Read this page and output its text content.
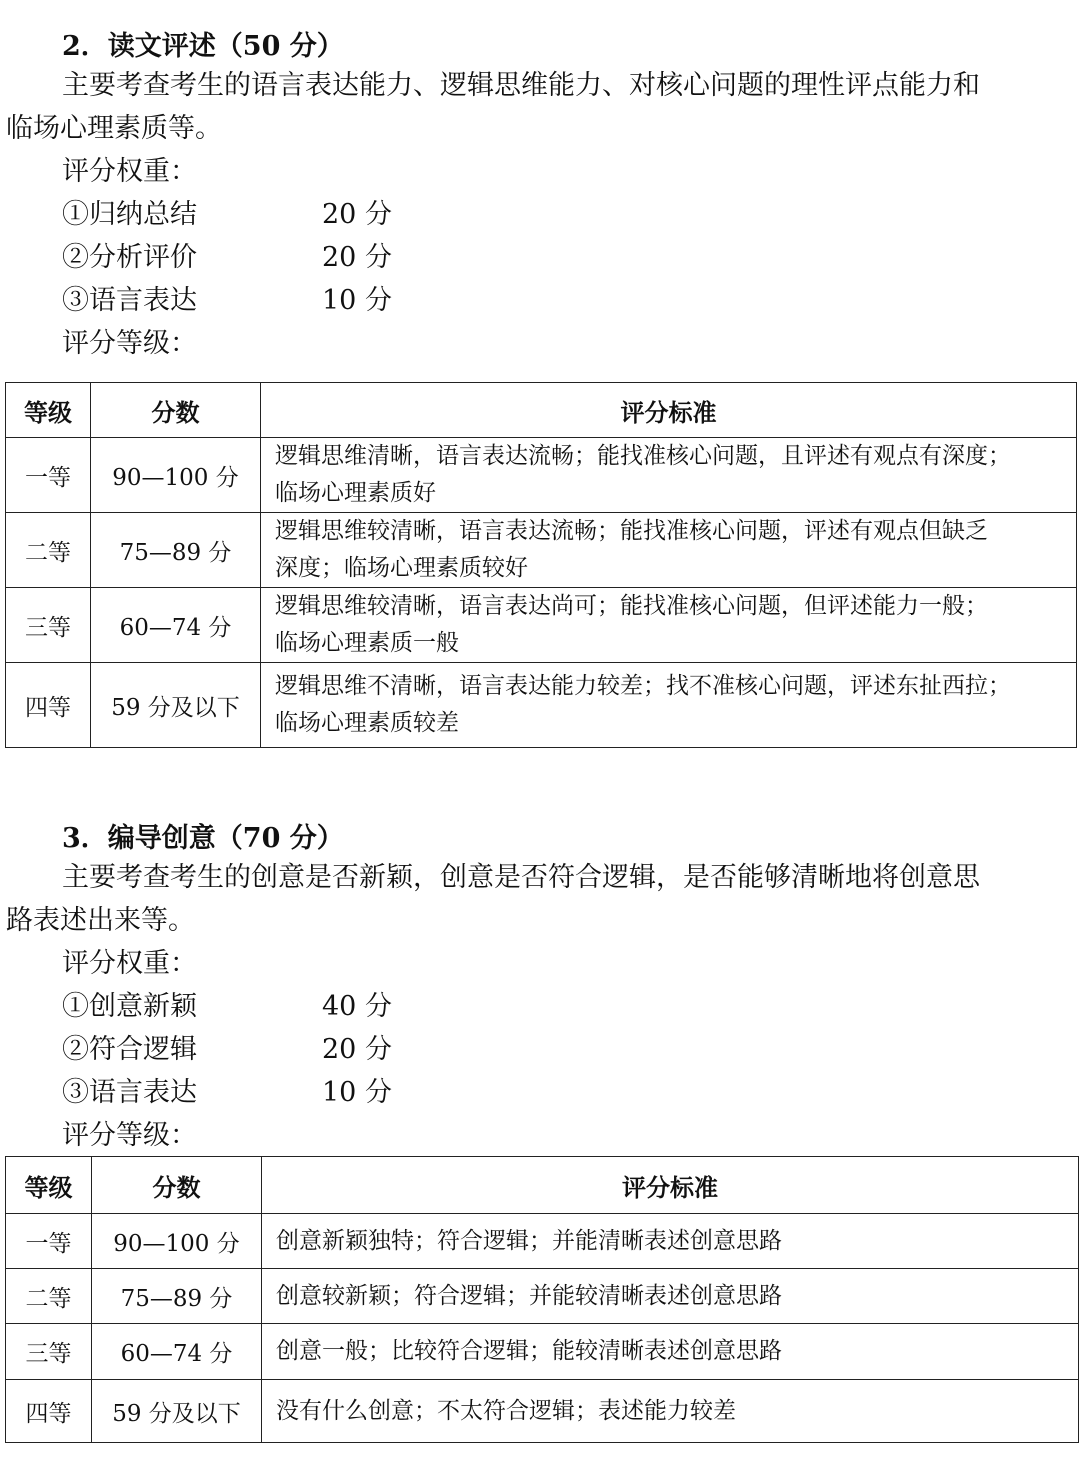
2．读文评述（50 分）
主要考查考生的语言表达能力、逻辑思维能力、对核心问题的理性评点能力和
临场心理素质等。
评分权重：
①归纳总结	20 分
②分析评价	20 分
③语言表达	10 分
评分等级：
等级	分数	评分标准
一等	90—100 分	逻辑思维清晰，语言表达流畅；能找准核心问题，且评述有观点有深度；
临场心理素质好

二等	75—89 分	逻辑思维较清晰，语言表达流畅；能找准核心问题，评述有观点但缺乏
深度；临场心理素质较好

三等	60—74 分	逻辑思维较清晰，语言表达尚可；能找准核心问题，但评述能力一般；
临场心理素质一般

四等	59 分及以下	逻辑思维不清晰，语言表达能力较差；找不准核心问题，评述东扯西拉；
临场心理素质较差
3．编导创意（70 分）
主要考查考生的创意是否新颖，创意是否符合逻辑，是否能够清晰地将创意思
路表述出来等。
评分权重：
①创意新颖	40 分
②符合逻辑	20 分
③语言表达	10 分
评分等级：
等级	分数	评分标准
一等	90—100 分	创意新颖独特；符合逻辑；并能清晰表述创意思路
二等	75—89 分	创意较新颖；符合逻辑；并能较清晰表述创意思路
三等	60—74 分	创意一般；比较符合逻辑；能较清晰表述创意思路
四等	59 分及以下	没有什么创意；不太符合逻辑；表述能力较差
